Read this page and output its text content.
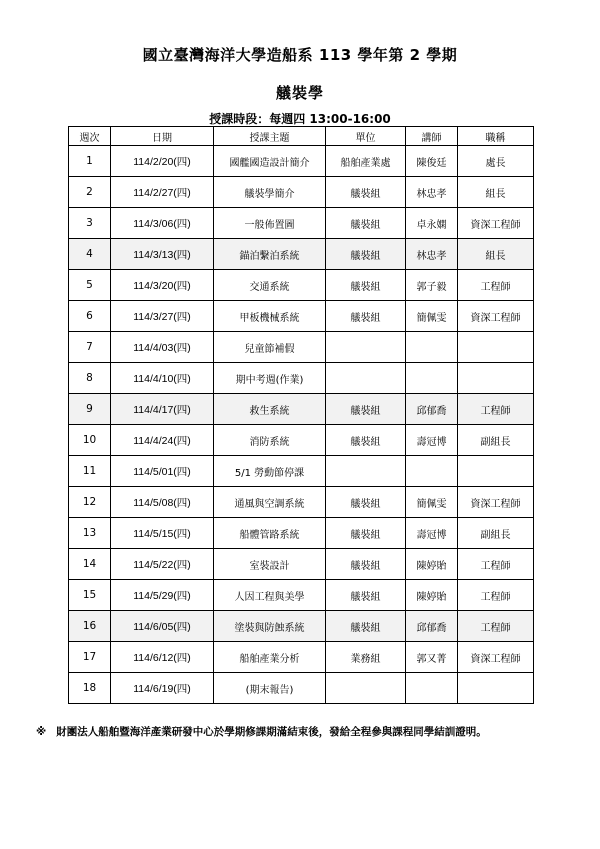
國立臺灣海洋大學造船系 113 學年第 2 學期
艤裝學
授課時段：每週四 13:00-16:00
週次	日期	授課主題	單位	講師	職稱
1	114/2/20(四)	國艦國造設計簡介	船舶產業處	陳俊廷	處長
2	114/2/27(四)	艤裝學簡介	艤裝組	林忠孝	組長
3	114/3/06(四)	一般佈置圖	艤裝組	卓永嫻	資深工程師
4	114/3/13(四)	錨泊繫泊系統	艤裝組	林忠孝	組長
5	114/3/20(四)	交通系統	艤裝組	郭子毅	工程師
6	114/3/27(四)	甲板機械系統	艤裝組	簡佩雯	資深工程師
7	114/4/03(四)	兒童節補假			
8	114/4/10(四)	期中考週(作業)			
9	114/4/17(四)	救生系統	艤裝組	邱郁喬	工程師
10	114/4/24(四)	消防系統	艤裝組	壽冠博	副組長
11	114/5/01(四)	5/1 勞動節停課			
12	114/5/08(四)	通風與空調系統	艤裝組	簡佩雯	資深工程師
13	114/5/15(四)	船體管路系統	艤裝組	壽冠博	副組長
14	114/5/22(四)	室裝設計	艤裝組	陳婷貽	工程師
15	114/5/29(四)	人因工程與美學	艤裝組	陳婷貽	工程師
16	114/6/05(四)	塗裝與防蝕系統	艤裝組	邱郁喬	工程師
17	114/6/12(四)	船舶產業分析	業務組	郭又菁	資深工程師
18	114/6/19(四)	(期末報告)			
※ 財團法人船舶暨海洋產業研發中心於學期修課期滿結束後，發給全程參與課程同學結訓證明。
